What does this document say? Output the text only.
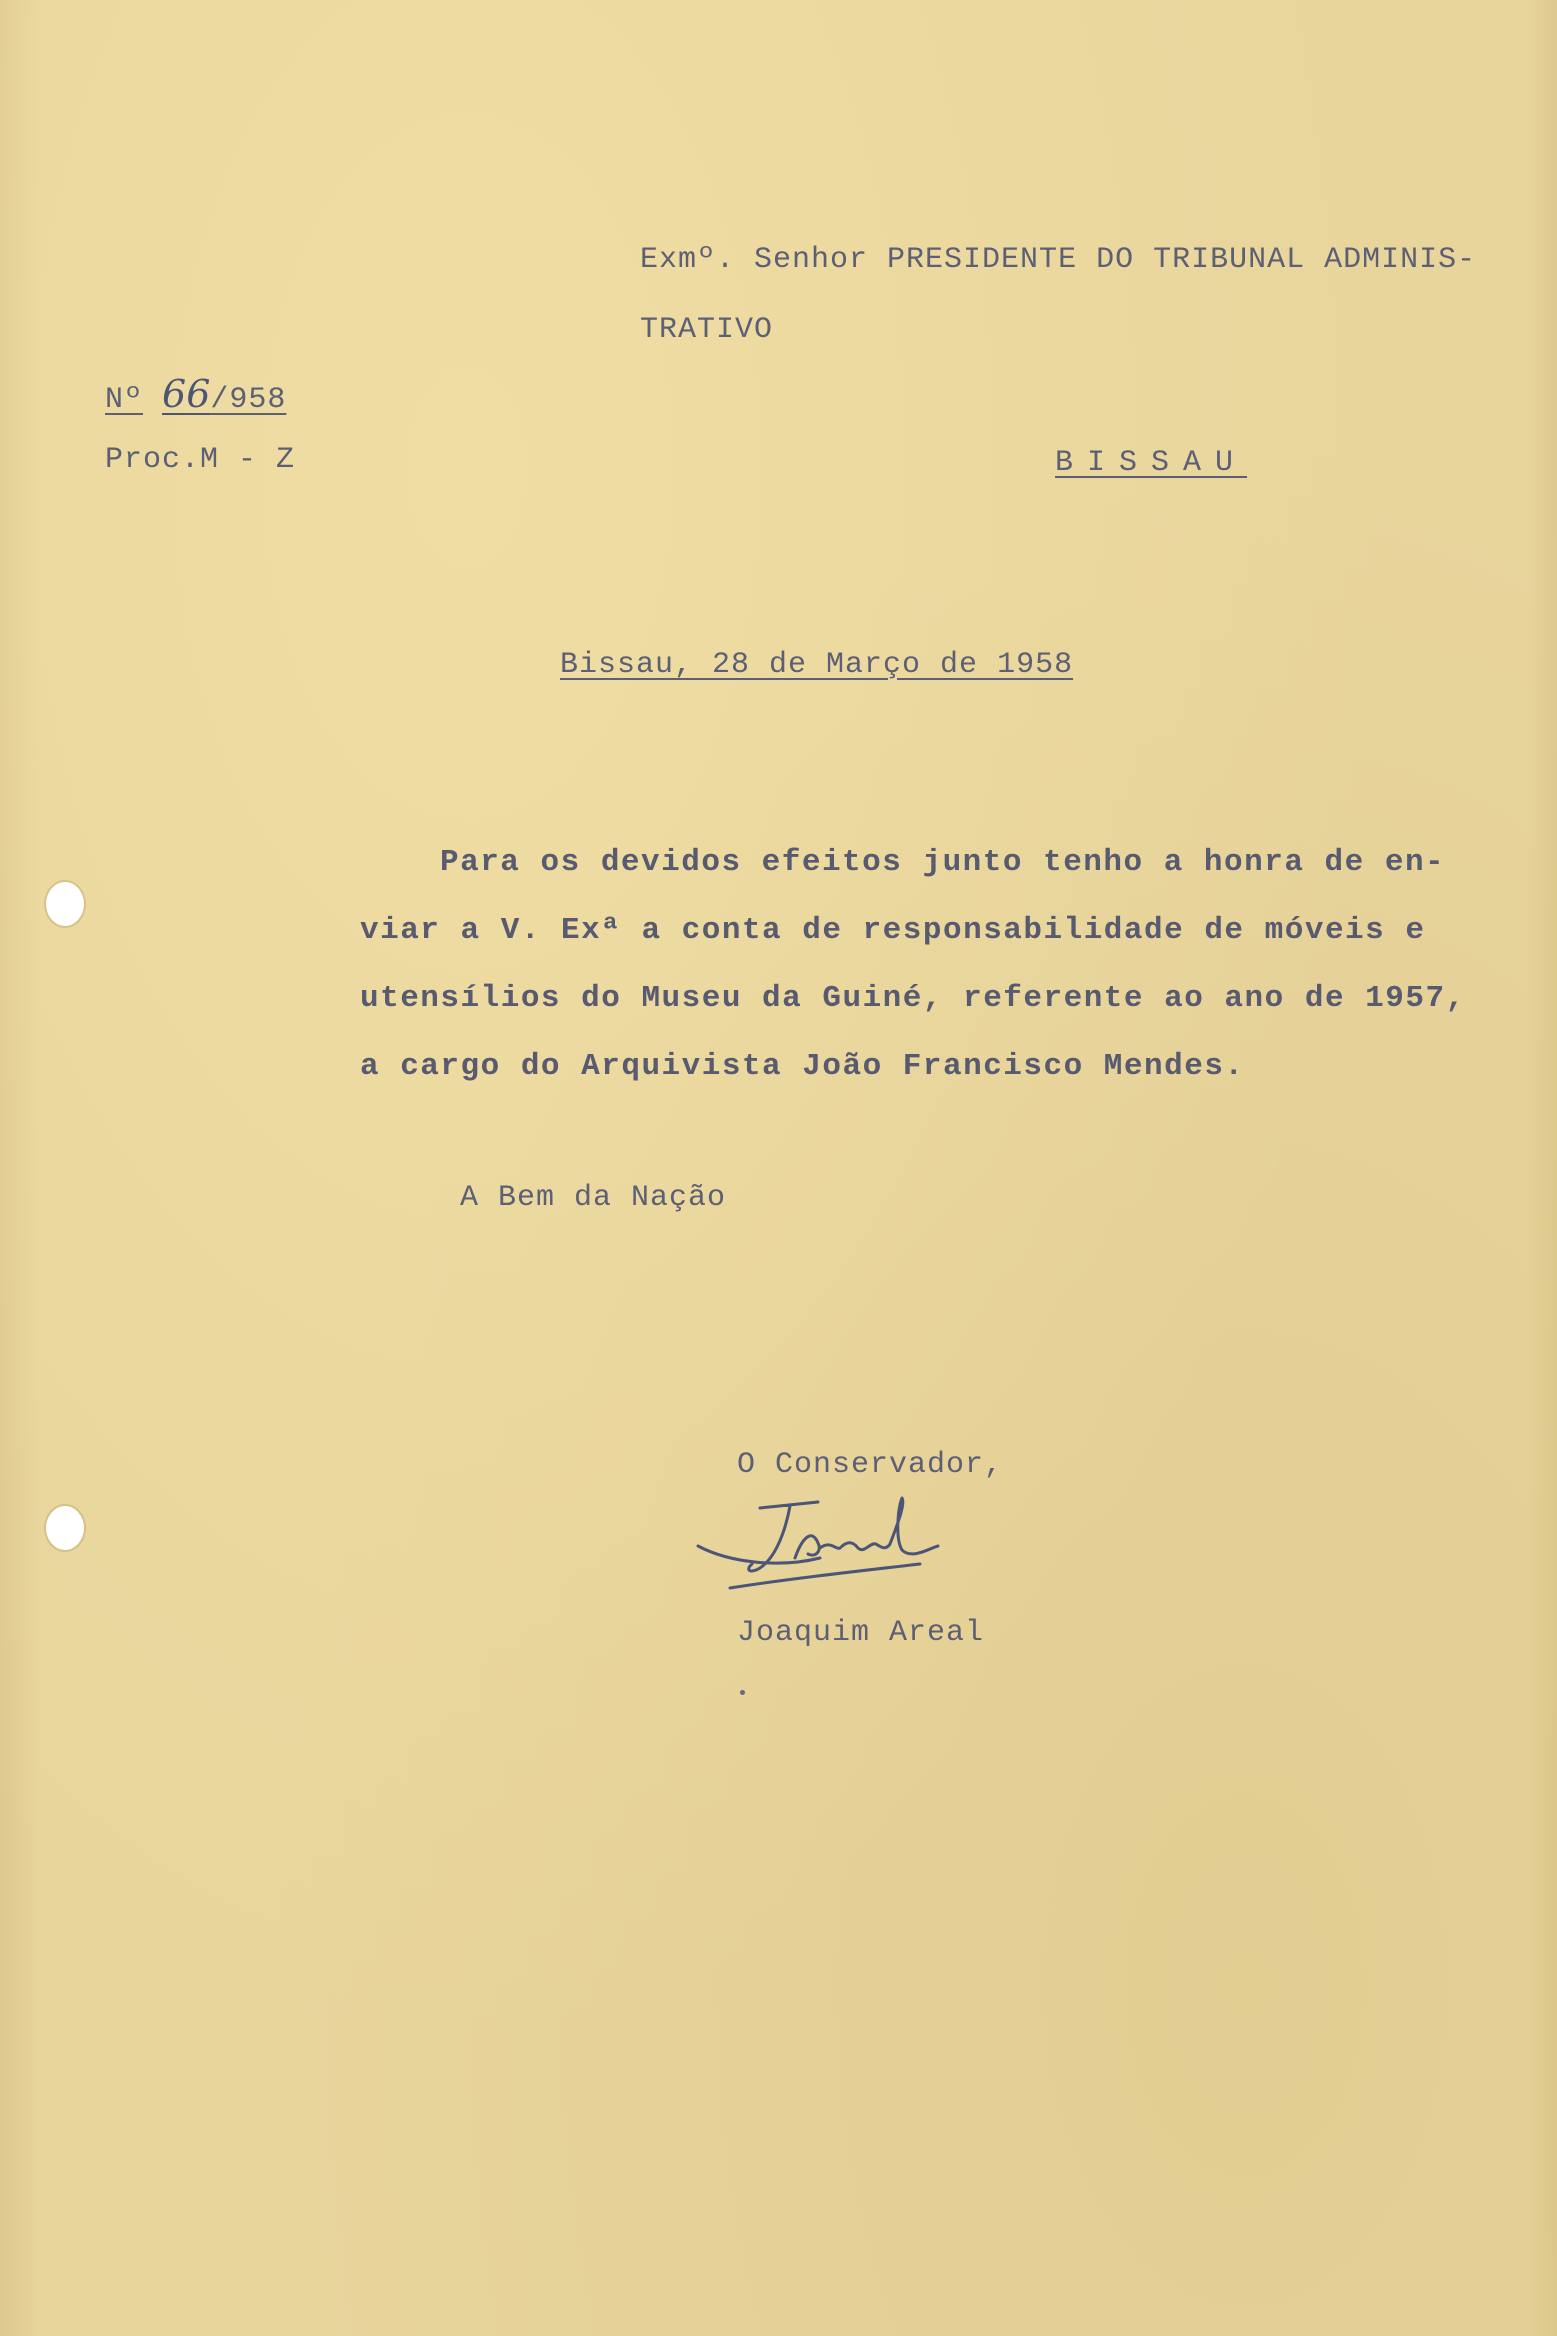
Exmº. Senhor PRESIDENTE DO TRIBUNAL ADMINIS-
TRATIVO
Nº 66/958
Proc.M - Z	BISSAU
Bissau, 28 de Março de 1958
Para os devidos efeitos junto tenho a honra de en-
viar a V. Exª a conta de responsabilidade de móveis e
utensílios do Museu da Guiné, referente ao ano de 1957,
a cargo do Arquivista João Francisco Mendes.
A Bem da Nação
O Conservador,
Joaquim Areal
